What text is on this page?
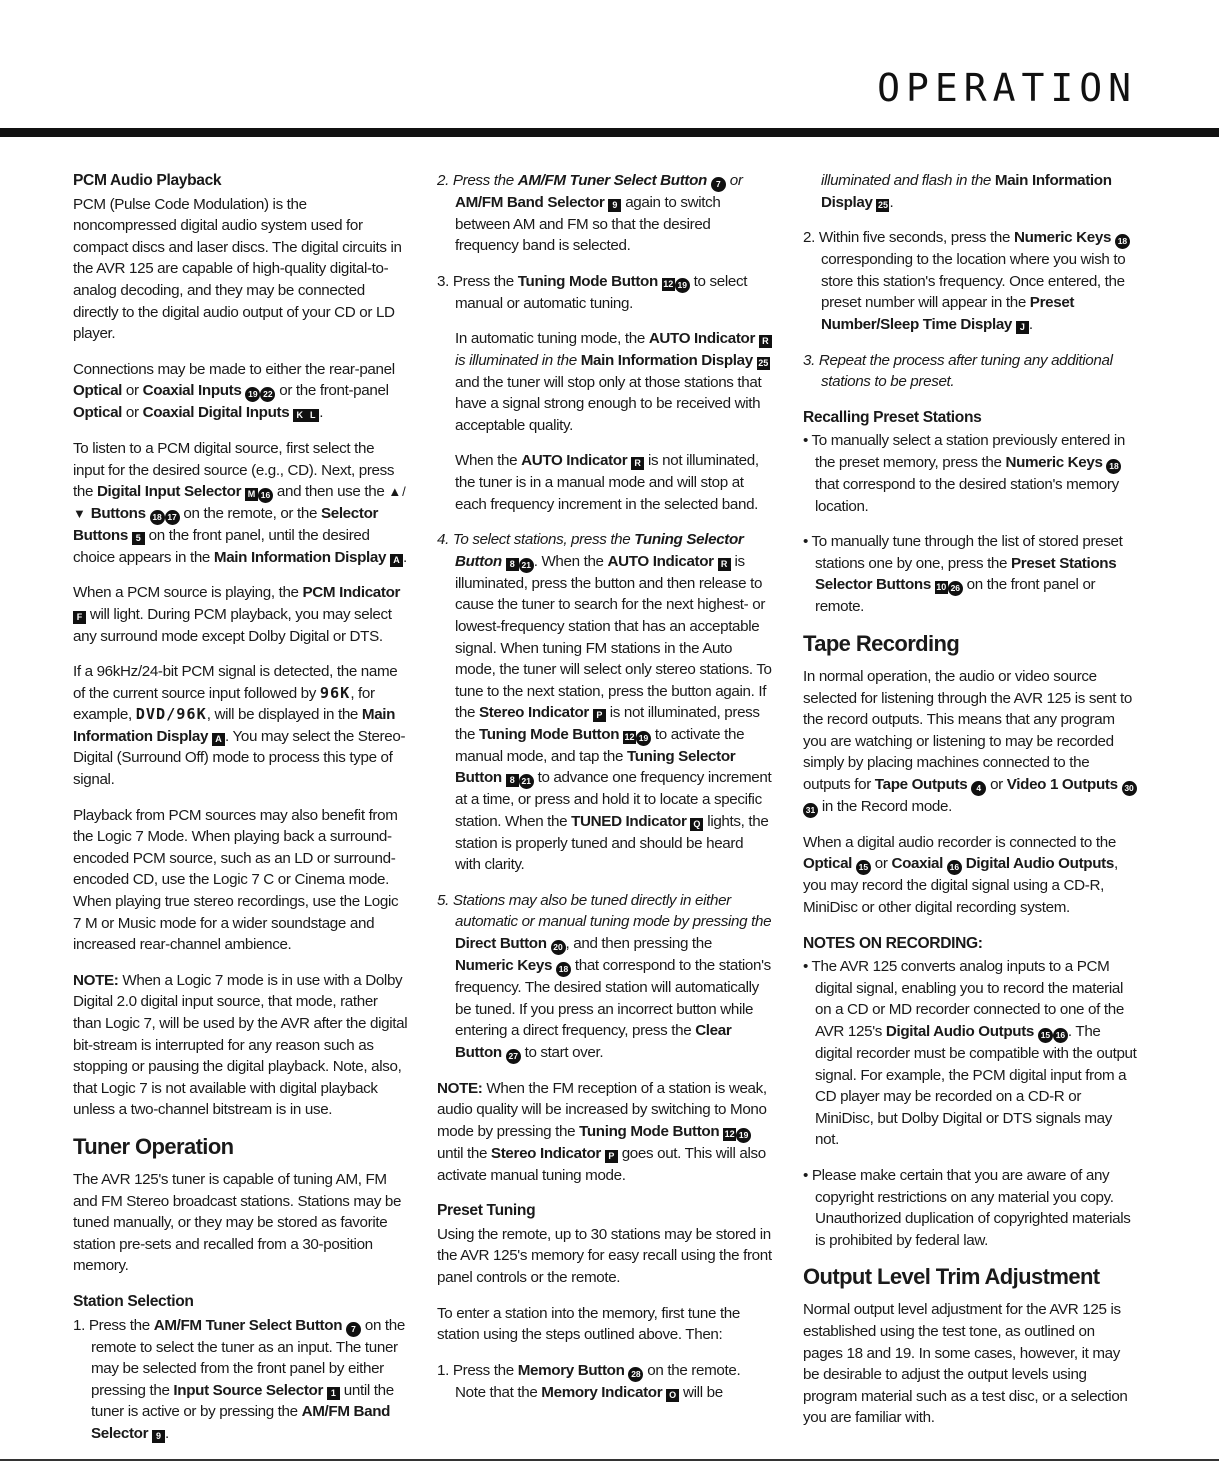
OPERATION
PCM Audio Playback

PCM (Pulse Code Modulation) is the noncompressed digital audio system used for compact discs and laser discs. The digital circuits in the AVR 125 are capable of high-quality digital-to-analog decoding, and they may be connected directly to the digital audio output of your CD or LD player.

Connections may be made to either the rear-panel Optical or Coaxial Inputs 19 22 or the front-panel Optical or Coaxial Digital Inputs K L .

To listen to a PCM digital source, first select the input for the desired source (e.g., CD). Next, press the Digital Input Selector M 16 and then use the ▲/▼ Buttons 18 17 on the remote, or the Selector Buttons 5 on the front panel, until the desired choice appears in the Main Information Display A .

When a PCM source is playing, the PCM Indicator F will light. During PCM playback, you may select any surround mode except Dolby Digital or DTS.

If a 96kHz/24-bit PCM signal is detected, the name of the current source input followed by 96K, for example, DVD/96K, will be displayed in the Main Information Display A . You may select the Stereo-Digital (Surround Off) mode to process this type of signal.

Playback from PCM sources may also benefit from the Logic 7 Mode. When playing back a surround-encoded PCM source, such as an LD or surround-encoded CD, use the Logic 7 C or Cinema mode. When playing true stereo recordings, use the Logic 7 M or Music mode for a wider soundstage and increased rear-channel ambience.

NOTE: When a Logic 7 mode is in use with a Dolby Digital 2.0 digital input source, that mode, rather than Logic 7, will be used by the AVR after the digital bit-stream is interrupted for any reason such as stopping or pausing the digital playback. Note, also, that Logic 7 is not available with digital playback unless a two-channel bitstream is in use.

Tuner Operation

The AVR 125's tuner is capable of tuning AM, FM and FM Stereo broadcast stations. Stations may be tuned manually, or they may be stored as favorite station pre-sets and recalled from a 30-position memory.

Station Selection

1. Press the AM/FM Tuner Select Button 7 on the remote to select the tuner as an input. The tuner may be selected from the front panel by either pressing the Input Source Selector 1 until the tuner is active or by pressing the AM/FM Band Selector 9 .

2. Press the AM/FM Tuner Select Button 7 or AM/FM Band Selector 9 again to switch between AM and FM so that the desired frequency band is selected.

3. Press the Tuning Mode Button 12 19 to select manual or automatic tuning.

In automatic tuning mode, the AUTO Indicator R is illuminated in the Main Information Display 25 and the tuner will stop only at those stations that have a signal strong enough to be received with acceptable quality.

When the AUTO Indicator R is not illuminated, the tuner is in a manual mode and will stop at each frequency increment in the selected band.

4. To select stations, press the Tuning Selector Button 8 21 . When the AUTO Indicator R is illuminated, press the button and then release to cause the tuner to search for the next highest- or lowest-frequency station that has an acceptable signal. When tuning FM stations in the Auto mode, the tuner will select only stereo stations. To tune to the next station, press the button again. If the Stereo Indicator P is not illuminated, press the Tuning Mode Button 12 19 to activate the manual mode, and tap the Tuning Selector Button 8 21 to advance one frequency increment at a time, or press and hold it to locate a specific station. When the TUNED Indicator Q lights, the station is properly tuned and should be heard with clarity.

5. Stations may also be tuned directly in either automatic or manual tuning mode by pressing the Direct Button 20 , and then pressing the Numeric Keys 18 that correspond to the station's frequency. The desired station will automatically be tuned. If you press an incorrect button while entering a direct frequency, press the Clear Button 27 to start over.

NOTE: When the FM reception of a station is weak, audio quality will be increased by switching to Mono mode by pressing the Tuning Mode Button 12 19 until the Stereo Indicator P goes out. This will also activate manual tuning mode.

Preset Tuning

Using the remote, up to 30 stations may be stored in the AVR 125's memory for easy recall using the front panel controls or the remote.

To enter a station into the memory, first tune the station using the steps outlined above. Then:

1. Press the Memory Button 28 on the remote. Note that the Memory Indicator O will be

illuminated and flash in the Main Information Display 25.

2. Within five seconds, press the Numeric Keys 18 corresponding to the location where you wish to store this station's frequency. Once entered, the preset number will appear in the Preset Number/Sleep Time Display J .

3. Repeat the process after tuning any additional stations to be preset.

Recalling Preset Stations

• To manually select a station previously entered in the preset memory, press the Numeric Keys 18 that correspond to the desired station's memory location.

• To manually tune through the list of stored preset stations one by one, press the Preset Stations Selector Buttons 10 26 on the front panel or remote.

Tape Recording

In normal operation, the audio or video source selected for listening through the AVR 125 is sent to the record outputs. This means that any program you are watching or listening to may be recorded simply by placing machines connected to the outputs for Tape Outputs 4 or Video 1 Outputs 3031 in the Record mode.

When a digital audio recorder is connected to the Optical 15 or Coaxial 16 Digital Audio Outputs, you may record the digital signal using a CD-R, MiniDisc or other digital recording system.

NOTES ON RECORDING:

• The AVR 125 converts analog inputs to a PCM digital signal, enabling you to record the material on a CD or MD recorder connected to one of the AVR 125's Digital Audio Outputs 15 16 . The digital recorder must be compatible with the output signal. For example, the PCM digital input from a CD player may be recorded on a CD-R or MiniDisc, but Dolby Digital or DTS signals may not.

• Please make certain that you are aware of any copyright restrictions on any material you copy. Unauthorized duplication of copyrighted materials is prohibited by federal law.

Output Level Trim Adjustment

Normal output level adjustment for the AVR 125 is established using the test tone, as outlined on pages 18 and 19. In some cases, however, it may be desirable to adjust the output levels using program material such as a test disc, or a selection you are familiar with.
